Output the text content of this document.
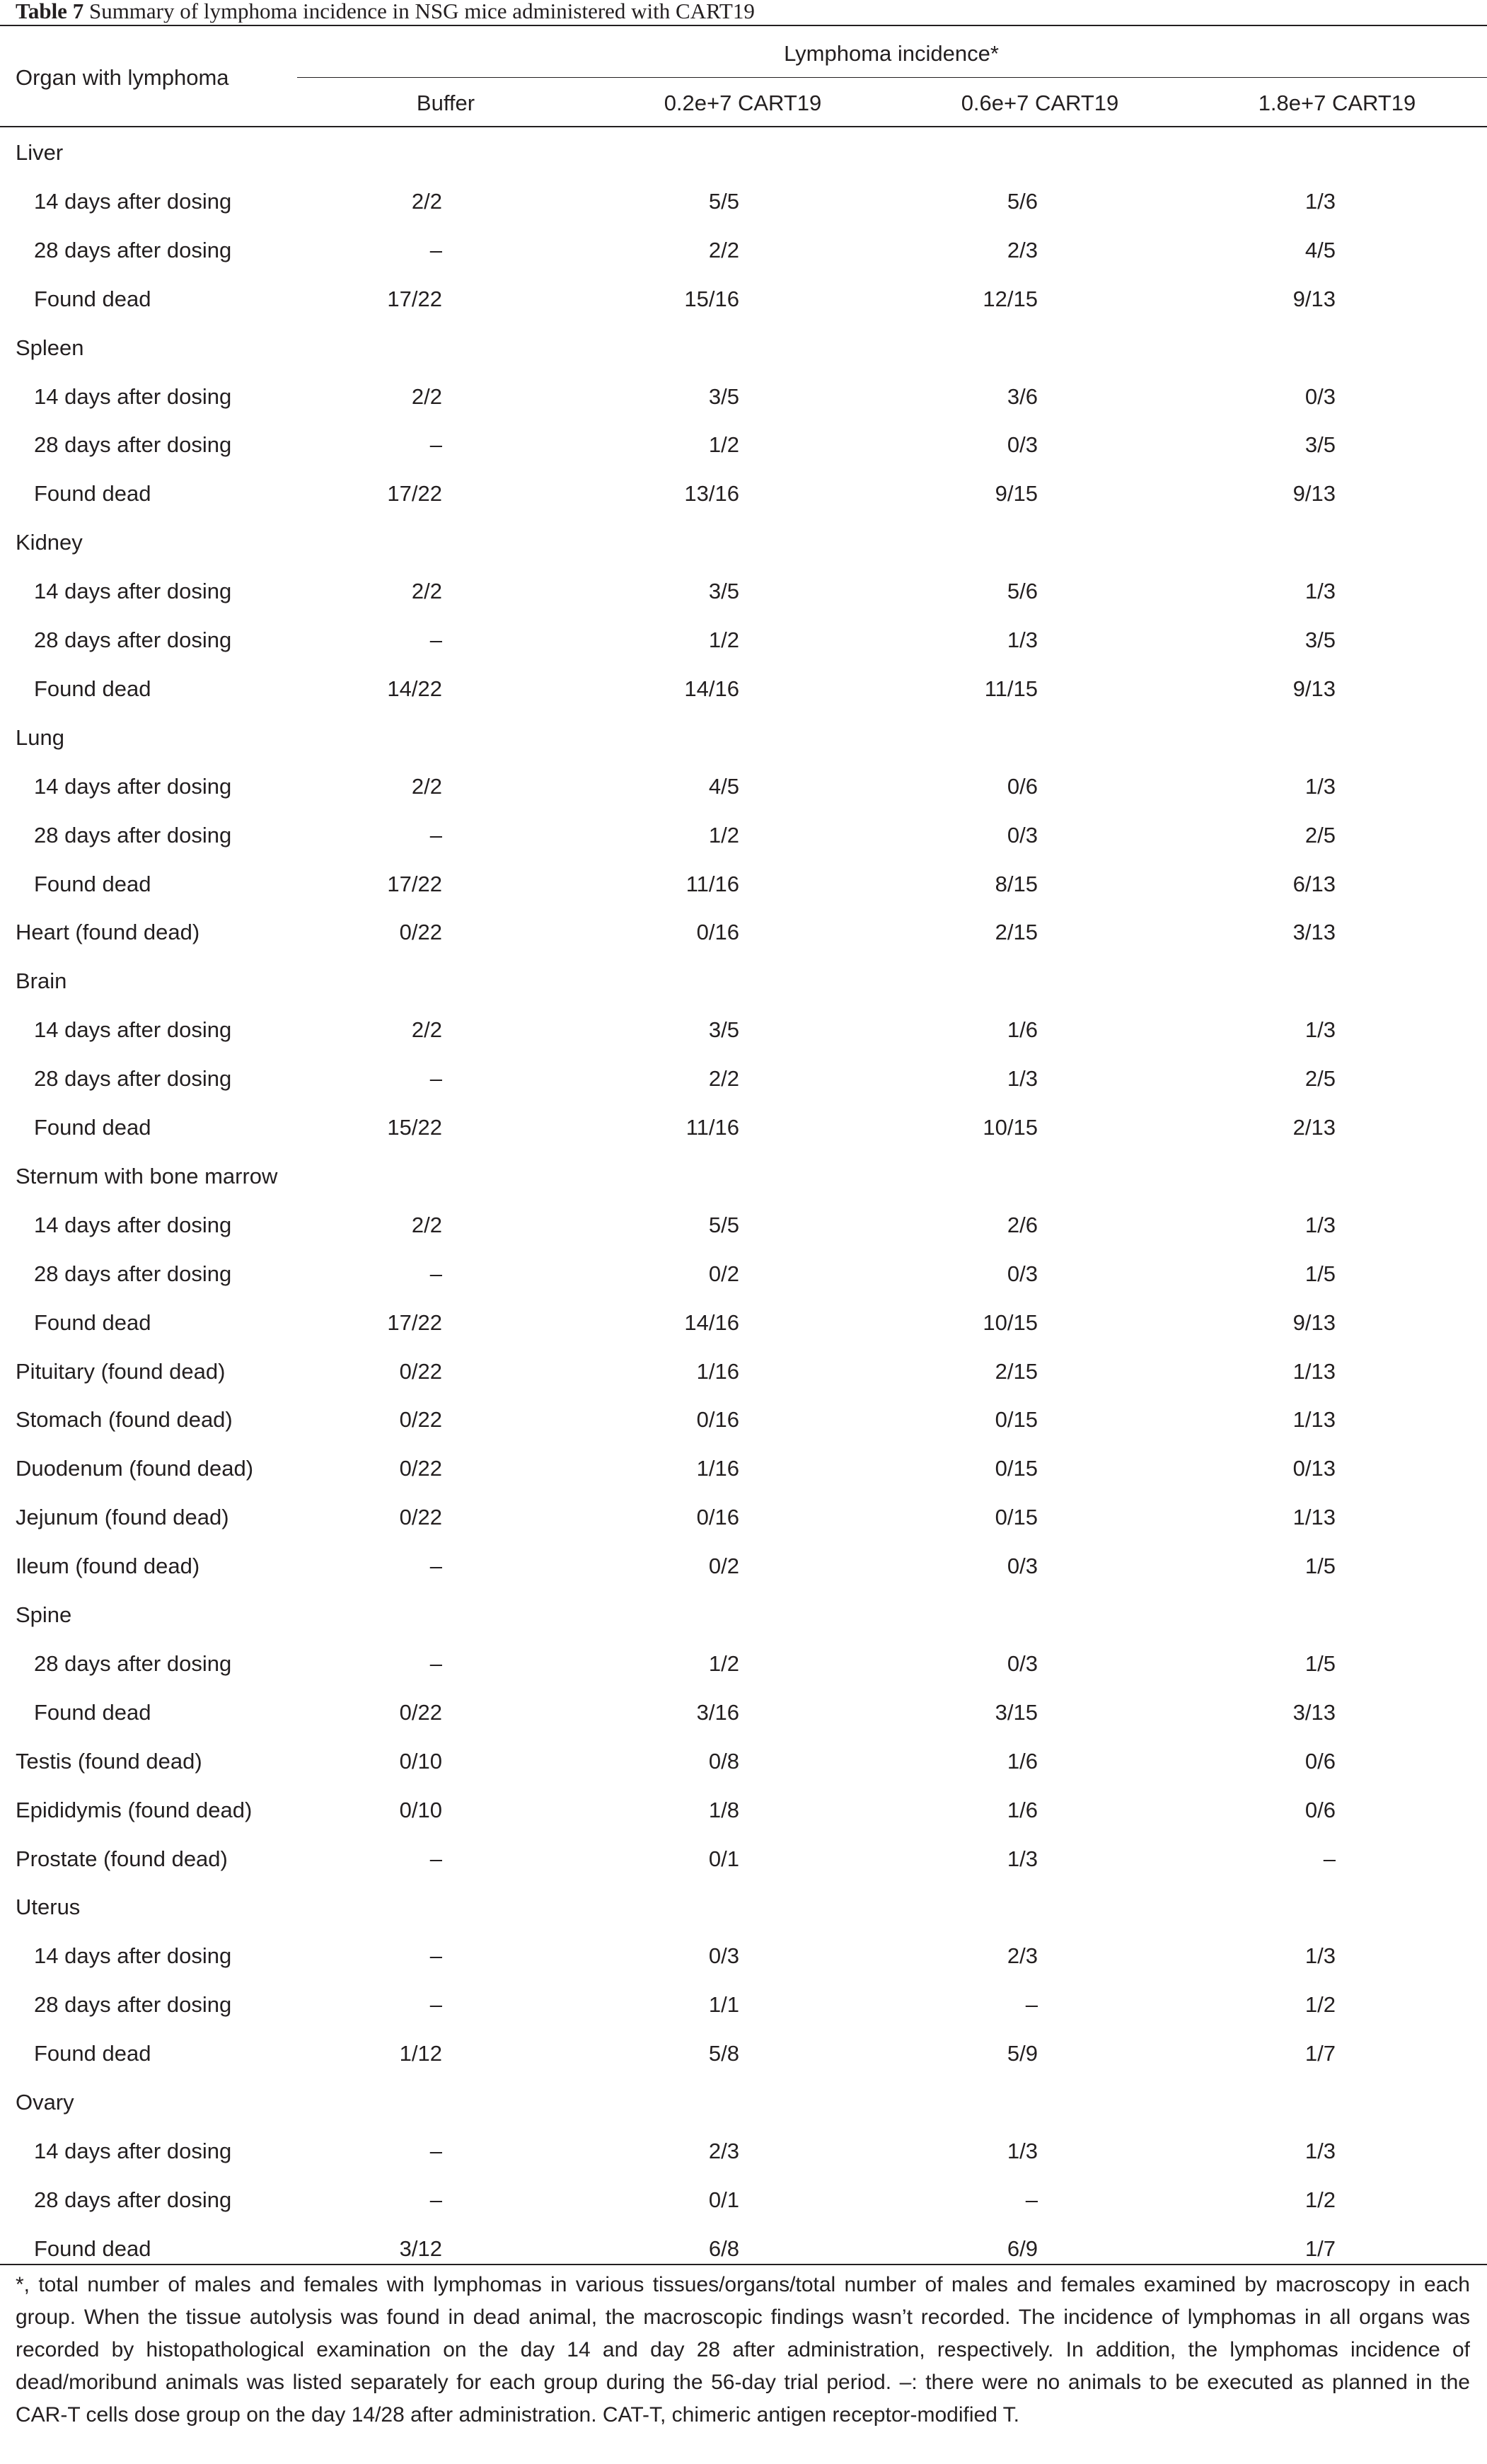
Table 7 Summary of lymphoma incidence in NSG mice administered with CART19
Organ with lymphoma
Lymphoma incidence*
Buffer	0.2e+7 CART19	0.6e+7 CART19	1.8e+7 CART19
Liver
14 days after dosing	2/2	5/5	5/6	1/3
28 days after dosing	–	2/2	2/3	4/5
Found dead	17/22	15/16	12/15	9/13
Spleen
14 days after dosing	2/2	3/5	3/6	0/3
28 days after dosing	–	1/2	0/3	3/5
Found dead	17/22	13/16	9/15	9/13
Kidney
14 days after dosing	2/2	3/5	5/6	1/3
28 days after dosing	–	1/2	1/3	3/5
Found dead	14/22	14/16	11/15	9/13
Lung
14 days after dosing	2/2	4/5	0/6	1/3
28 days after dosing	–	1/2	0/3	2/5
Found dead	17/22	11/16	8/15	6/13
Heart (found dead)	0/22	0/16	2/15	3/13
Brain
14 days after dosing	2/2	3/5	1/6	1/3
28 days after dosing	–	2/2	1/3	2/5
Found dead	15/22	11/16	10/15	2/13
Sternum with bone marrow
14 days after dosing	2/2	5/5	2/6	1/3
28 days after dosing	–	0/2	0/3	1/5
Found dead	17/22	14/16	10/15	9/13
Pituitary (found dead)	0/22	1/16	2/15	1/13
Stomach (found dead)	0/22	0/16	0/15	1/13
Duodenum (found dead)	0/22	1/16	0/15	0/13
Jejunum (found dead)	0/22	0/16	0/15	1/13
Ileum (found dead)	–	0/2	0/3	1/5
Spine
28 days after dosing	–	1/2	0/3	1/5
Found dead	0/22	3/16	3/15	3/13
Testis (found dead)	0/10	0/8	1/6	0/6
Epididymis (found dead)	0/10	1/8	1/6	0/6
Prostate (found dead)	–	0/1	1/3	–
Uterus
14 days after dosing	–	0/3	2/3	1/3
28 days after dosing	–	1/1	–	1/2
Found dead	1/12	5/8	5/9	1/7
Ovary
14 days after dosing	–	2/3	1/3	1/3
28 days after dosing	–	0/1	–	1/2
Found dead	3/12	6/8	6/9	1/7
*, total number of males and females with lymphomas in various tissues/organs/total number of males and females examined by macroscopy in each group. When the tissue autolysis was found in dead animal, the macroscopic findings wasn’t recorded. The incidence of lymphomas in all organs was recorded by histopathological examination on the day 14 and day 28 after administration, respectively. In addition, the lymphomas incidence of dead/moribund animals was listed separately for each group during the 56-day trial period. –: there were no animals to be executed as planned in the CAR-T cells dose group on the day 14/28 after administration. CAT-T, chimeric antigen receptor-modified T.
